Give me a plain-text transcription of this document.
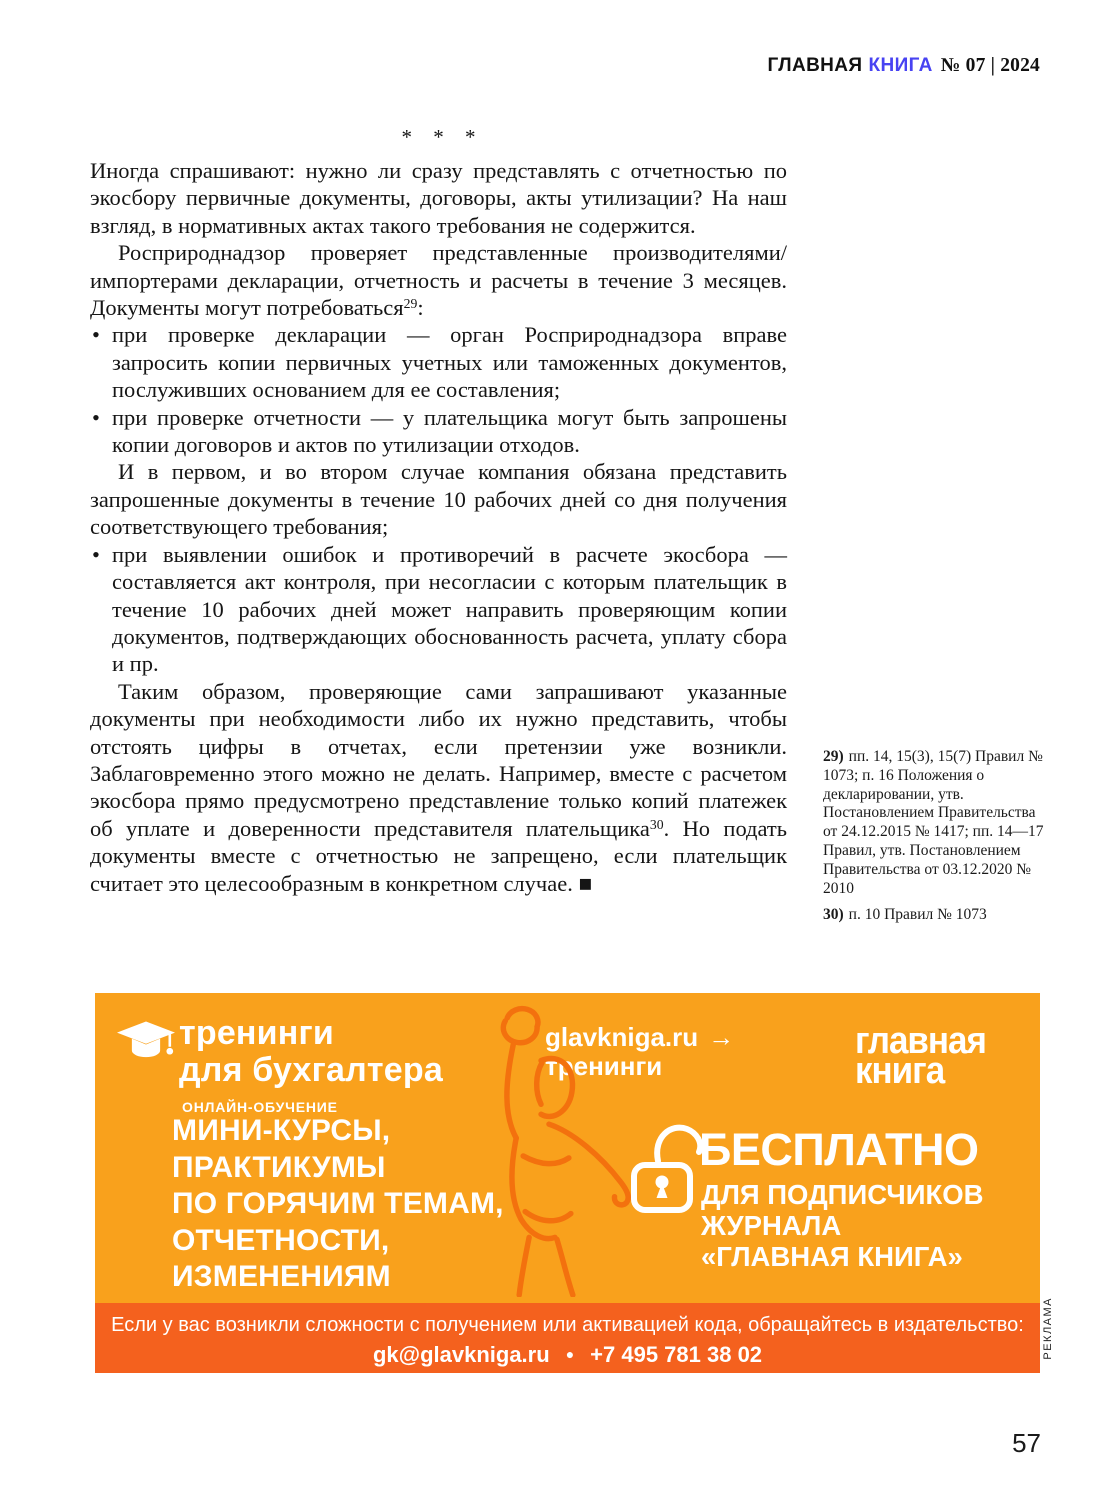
ГЛАВНАЯ КНИГА № 07 | 2024
* * *

Иногда спрашивают: нужно ли сразу представлять с отчетностью по экосбору первичные документы, договоры, акты утилизации? На наш взгляд, в нормативных актах такого требования не содержится.

Росприроднадзор проверяет представленные производителями/импортерами декларации, отчетность и расчеты в течение 3 месяцев. Документы могут потребоваться$^{29}$:

• при проверке декларации — орган Росприроднадзора вправе запросить копии первичных учетных или таможенных документов, послуживших основанием для ее составления;
• при проверке отчетности — у плательщика могут быть запрошены копии договоров и актов по утилизации отходов.

И в первом, и во втором случае компания обязана представить запрошенные документы в течение 10 рабочих дней со дня получения соответствующего требования;

• при выявлении ошибок и противоречий в расчете экосбора — составляется акт контроля, при несогласии с которым плательщик в течение 10 рабочих дней может направить проверяющим копии документов, подтверждающих обоснованность расчета, уплату сбора и пр.

Таким образом, проверяющие сами запрашивают указанные документы при необходимости либо их нужно представить, чтобы отстоять цифры в отчетах, если претензии уже возникли. Заблаговременно этого можно не делать. Например, вместе с расчетом экосбора прямо предусмотрено представление только копий платежек об уплате и доверенности представителя плательщика$^{30}$. Но подать документы вместе с отчетностью не запрещено, если плательщик считает это целесообразным в конкретном случае. ■

29) пп. 14, 15(3), 15(7) Правил № 1073; п. 16 Положения о декларировании, утв. Постановлением Правительства от 24.12.2015 № 1417; пп. 14—17 Правил, утв. Постановлением Правительства от 03.12.2020 № 2010

30) п. 10 Правил № 1073

тренинги
для бухгалтера
ОНЛАЙН-ОБУЧЕНИЕ
glavkniga.ru →
тренинги
главная
книга
МИНИ-КУРСЫ,
ПРАКТИКУМЫ
ПО ГОРЯЧИМ ТЕМАМ,
ОТЧЕТНОСТИ,
ИЗМЕНЕНИЯМ
БЕСПЛАТНО
ДЛЯ ПОДПИСЧИКОВ
ЖУРНАЛА
«ГЛАВНАЯ КНИГА»
Если у вас возникли сложности с получением или активацией кода, обращайтесь в издательство:
gk@glavkniga.ru ● +7 495 781 38 02	РЕКЛАМА
57
